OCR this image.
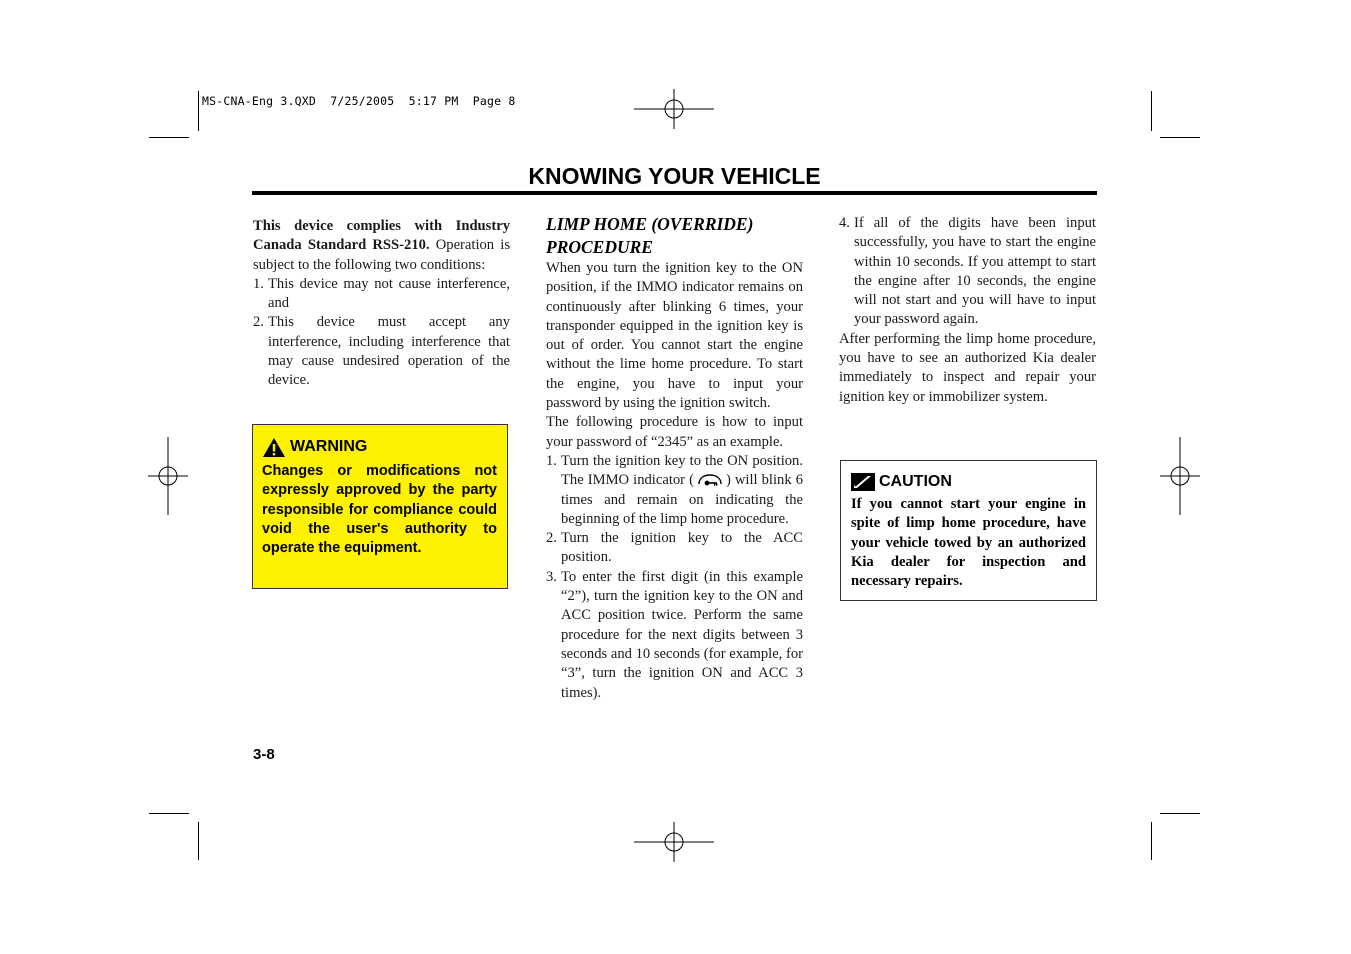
MS-CNA-Eng 3.QXD  7/25/2005  5:17 PM  Page 8
KNOWING YOUR VEHICLE

This device complies with Industry Canada Standard RSS-210. Operation is subject to the following two conditions:

1. This device may not cause interference, and
2. This device must accept any interference, including interference that may cause undesired operation of the device.
WARNING
Changes or modifications not expressly approved by the party responsible for compliance could void the user's authority to operate the equipment.
LIMP HOME (OVERRIDE)
PROCEDURE

When you turn the ignition key to the ON position, if the IMMO indicator remains on continuously after blinking 6 times, your transponder equipped in the ignition key is out of order. You cannot start the engine without the lime home procedure. To start the engine, you have to input your password by using the ignition switch.

The following procedure is how to input your password of “2345” as an example.

1. Turn the ignition key to the ON position. The IMMO indicator ( ) will blink 6 times and remain on indicating the beginning of the limp home procedure.
2. Turn the ignition key to the ACC position.
3. To enter the first digit (in this example “2”), turn the ignition key to the ON and ACC position twice. Perform the same procedure for the next digits between 3 seconds and 10 seconds (for example, for “3”, turn the ignition ON and ACC 3 times).
4. If all of the digits have been input successfully, you have to start the engine within 10 seconds. If you attempt to start the engine after 10 seconds, the engine will not start and you will have to input your password again.

After performing the limp home procedure, you have to see an authorized Kia dealer immediately to inspect and repair your ignition key or immobilizer system.

CAUTION
If you cannot start your engine in spite of limp home procedure, have your vehicle towed by an authorized Kia dealer for inspection and necessary repairs.
3-8
